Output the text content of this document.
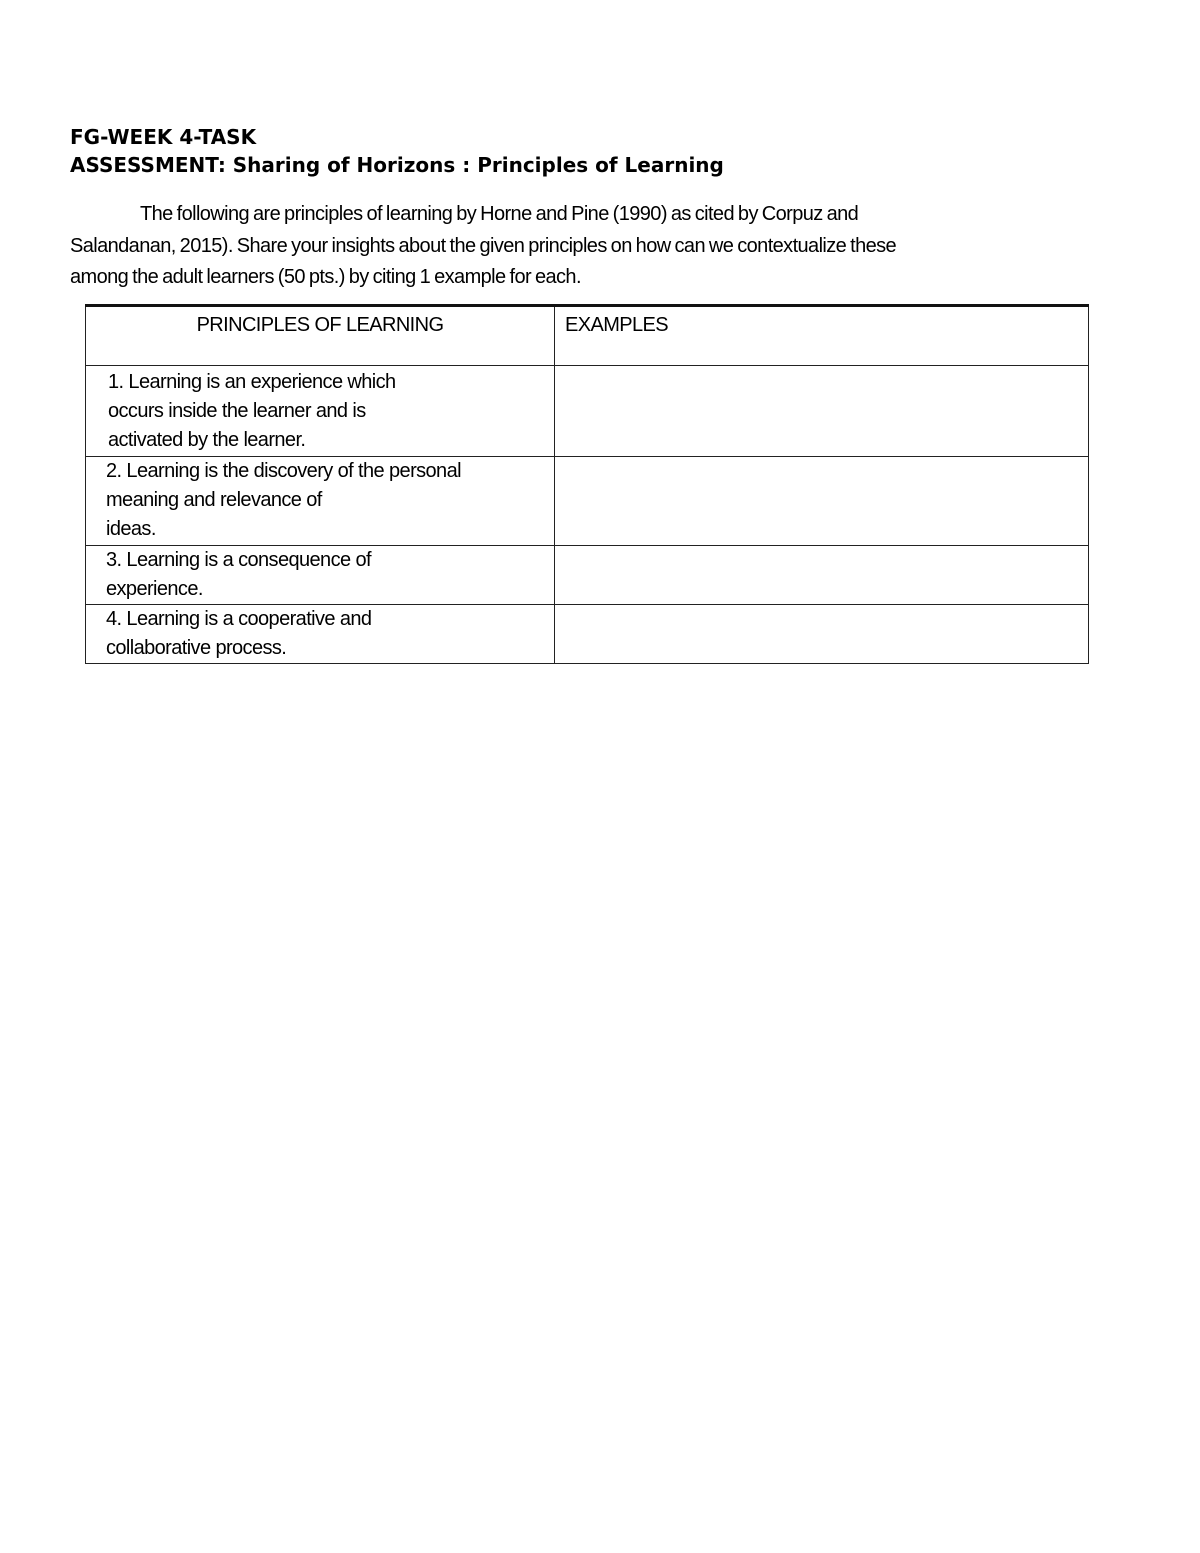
FG-WEEK 4-TASK
ASSESSMENT: Sharing of Horizons : Principles of Learning

The following are principles of learning by Horne and Pine (1990) as cited by Corpuz and
Salandanan, 2015). Share your insights about the given principles on how can we contextualize these
among the adult learners (50 pts.) by citing 1 example for each.

PRINCIPLES OF LEARNING	EXAMPLES

1. Learning is an experience which
occurs inside the learner and is
activated by the learner.	

2. Learning is the discovery of the personal
meaning and relevance of
ideas.	

3. Learning is a consequence of
experience.	

4. Learning is a cooperative and
collaborative process.	
